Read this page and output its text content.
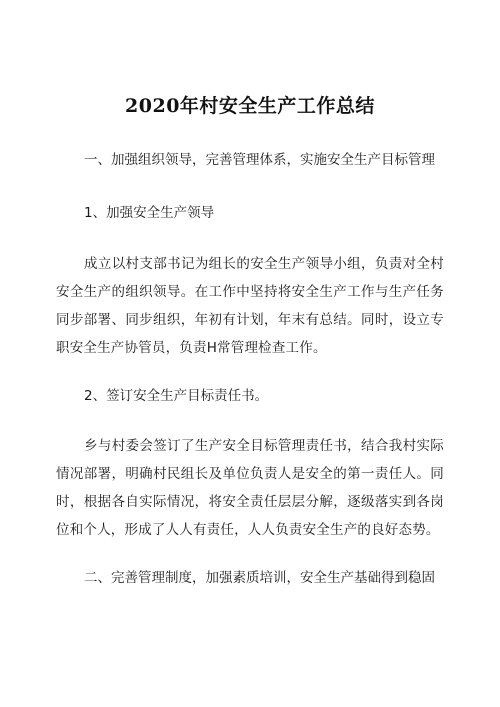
2020年村安全生产工作总结
一、加强组织领导，完善管理体系，实施安全生产目标管理
1、加强安全生产领导
成立以村支部书记为组长的安全生产领导小组，负责对全村安全生产的组织领导。在工作中坚持将安全生产工作与生产任务同步部署、同步组织，年初有计划，年末有总结。同时，设立专职安全生产协管员，负责H常管理检查工作。
2、签订安全生产目标责任书。
乡与村委会签订了生产安全目标管理责任书，结合我村实际情况部署，明确村民组长及单位负责人是安全的第一责任人。同时，根据各自实际情况，将安全责任层层分解，逐级落实到各岗位和个人，形成了人人有责任，人人负责安全生产的良好态势。
二、完善管理制度，加强素质培训，安全生产基础得到稳固
